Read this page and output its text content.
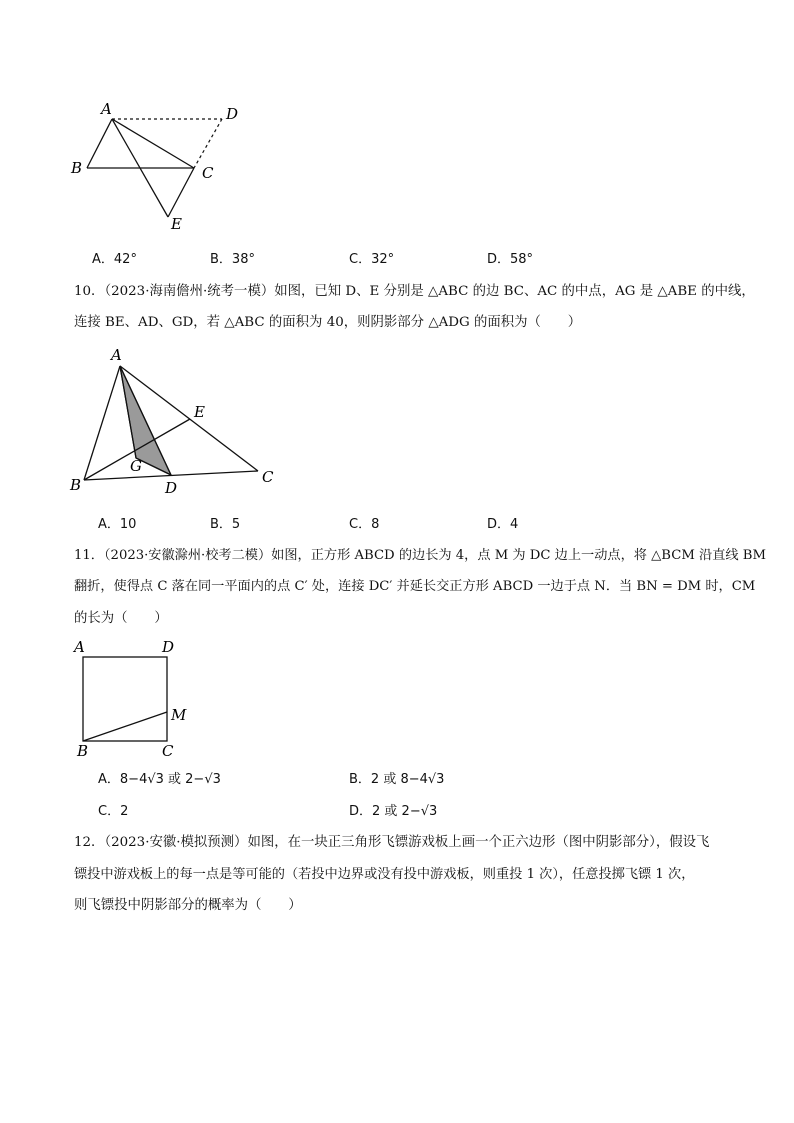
A
B	C
D
E
A．42°	B．38°	C．32°	D．58°
10．（2023·海南儋州·统考一模）如图，已知 D、E 分别是 △ABC 的边 BC、AC 的中点，AG 是 △ABE 的中线，
连接 BE、AD、GD，若 △ABC 的面积为 40，则阴影部分 △ADG 的面积为（　　）
A
B	C
D
E
G
A．10	B．5	C．8	D．4
11．（2023·安徽滁州·校考二模）如图，正方形 ABCD 的边长为 4，点 M 为 DC 边上一动点，将 △BCM 沿直线 BM
翻折，使得点 C 落在同一平面内的点 C′ 处，连接 DC′ 并延长交正方形 ABCD 一边于点 N．当 BN = DM 时，CM
的长为（　　）
A	D
B	C
M
A．8−4√3 或 2−√3	B．2 或 8−4√3
C．2	D．2 或 2−√3
12．（2023·安徽·模拟预测）如图，在一块正三角形飞镖游戏板上画一个正六边形（图中阴影部分），假设飞
镖投中游戏板上的每一点是等可能的（若投中边界或没有投中游戏板，则重投 1 次），任意投掷飞镖 1 次，
则飞镖投中阴影部分的概率为（　　）
